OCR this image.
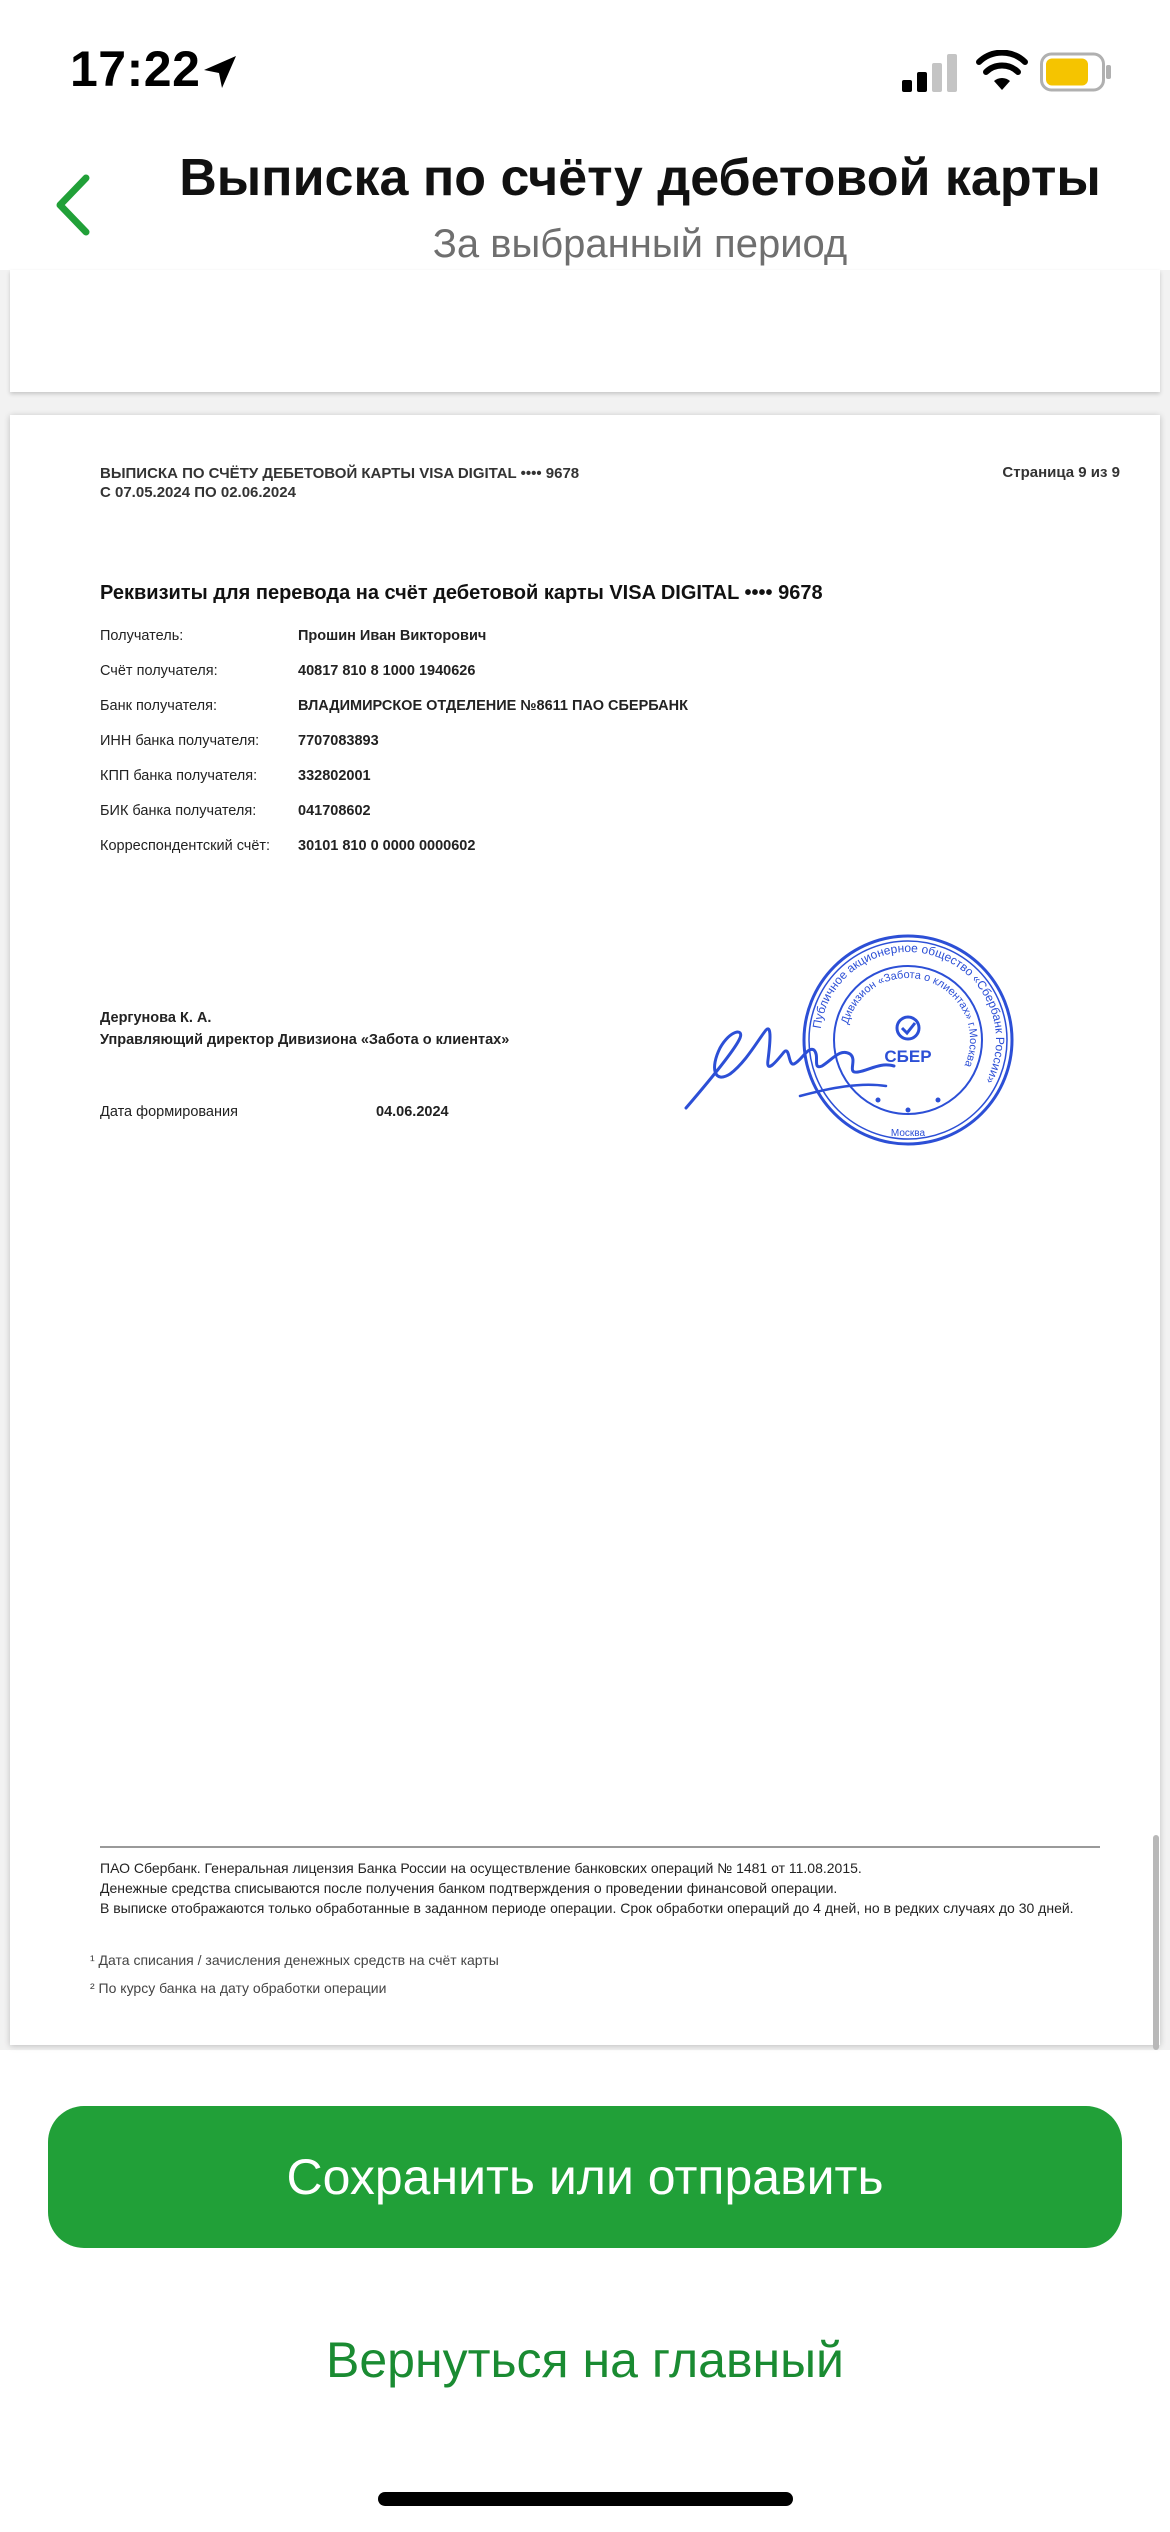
17:22
Выписка по счёту дебетовой карты
За выбранный период
ВЫПИСКА ПО СЧЁТУ ДЕБЕТОВОЙ КАРТЫ VISA DIGITAL •••• 9678
С 07.05.2024 ПО 02.06.2024
Страница 9 из 9
Реквизиты для перевода на счёт дебетовой карты VISA DIGITAL •••• 9678
Получатель:	Прошин Иван Викторович
Счёт получателя:	40817 810 8 1000 1940626
Банк получателя:	ВЛАДИМИРСКОЕ ОТДЕЛЕНИЕ №8611 ПАО СБЕРБАНК
ИНН банка получателя:	7707083893
КПП банка получателя:	332802001
БИК банка получателя:	041708602
Корреспондентский счёт: 30101 810 0 0000 0000602
Дергунова К. А.
Управляющий директор Дивизиона «Забота о клиентах»
Дата формирования	04.06.2024
Публичное акционерное общество «Сбербанк России»
Дивизион «Забота о клиентах» г.Москва
СБЕР
Москва
ПАО Сбербанк. Генеральная лицензия Банка России на осуществление банковских операций № 1481 от 11.08.2015.
Денежные средства списываются после получения банком подтверждения о проведении финансовой операции.
В выписке отображаются только обработанные в заданном периоде операции. Срок обработки операций до 4 дней, но в редких случаях до 30 дней.
¹ Дата списания / зачисления денежных средств на счёт карты
² По курсу банка на дату обработки операции
Сохранить или отправить
Вернуться на главный
